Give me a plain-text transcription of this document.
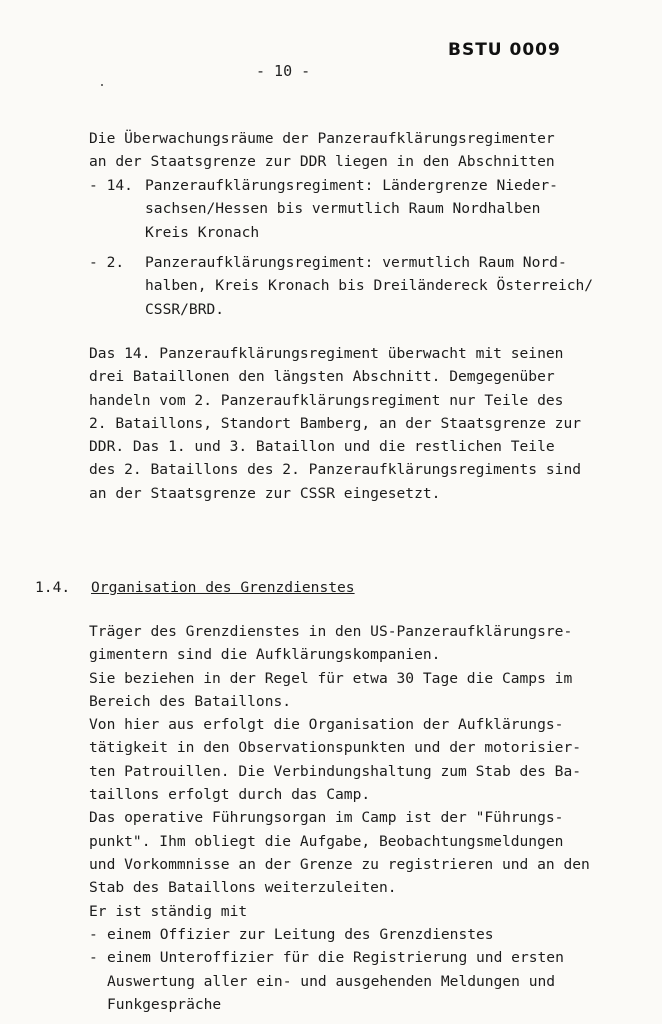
BSTU 0009
- 10 -
Die Überwachungsräume der Panzeraufklärungsregimenter
an der Staatsgrenze zur DDR liegen in den Abschnitten
- 14. Panzeraufklärungsregiment: Ländergrenze Nieder-
sachsen/Hessen bis vermutlich Raum Nordhalben
Kreis Kronach
- 2.	Panzeraufklärungsregiment: vermutlich Raum Nord-
halben, Kreis Kronach bis Dreiländereck Österreich/
CSSR/BRD.
Das 14. Panzeraufklärungsregiment überwacht mit seinen
drei Bataillonen den längsten Abschnitt. Demgegenüber
handeln vom 2. Panzeraufklärungsregiment nur Teile des
2. Bataillons, Standort Bamberg, an der Staatsgrenze zur
DDR. Das 1. und 3. Bataillon und die restlichen Teile
des 2. Bataillons des 2. Panzeraufklärungsregiments sind
an der Staatsgrenze zur CSSR eingesetzt.
1.4. Organisation des Grenzdienstes
Träger des Grenzdienstes in den US-Panzeraufklärungsre-
gimentern sind die Aufklärungskompanien.
Sie beziehen in der Regel für etwa 30 Tage die Camps im
Bereich des Bataillons.
Von hier aus erfolgt die Organisation der Aufklärungs-
tätigkeit in den Observationspunkten und der motorisier-
ten Patrouillen. Die Verbindungshaltung zum Stab des Ba-
taillons erfolgt durch das Camp.
Das operative Führungsorgan im Camp ist der "Führungs-
punkt". Ihm obliegt die Aufgabe, Beobachtungsmeldungen
und Vorkommnisse an der Grenze zu registrieren und an den
Stab des Bataillons weiterzuleiten.
Er ist ständig mit
- einem Offizier zur Leitung des Grenzdienstes
- einem Unteroffizier für die Registrierung und ersten
Auswertung aller ein- und ausgehenden Meldungen und
Funkgespräche
